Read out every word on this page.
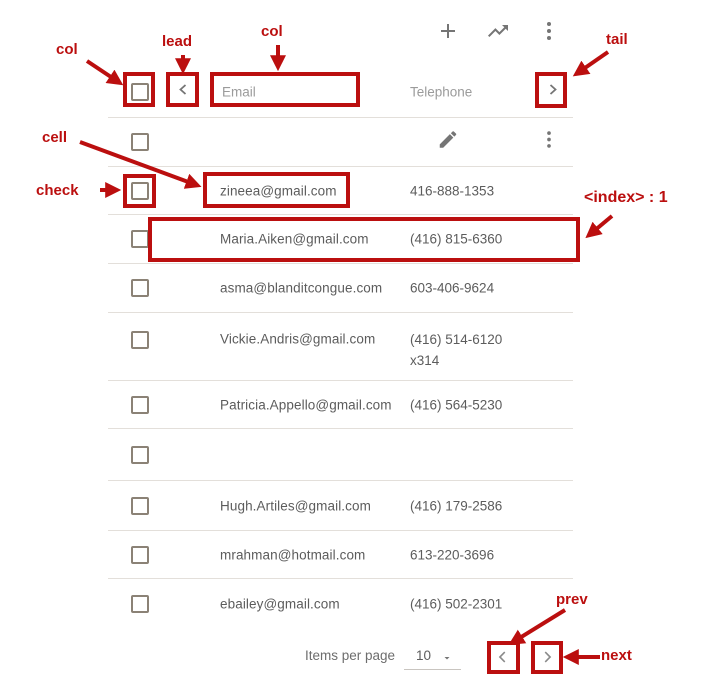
Email	Telephone
zineea@gmail.com	416-888-1353
Maria.Aiken@gmail.com	(416) 815-6360
asma@blanditcongue.com 603-406-9624
Vickie.Andris@gmail.com	(416) 514-6120
x314
Patricia.Appello@gmail.com (416) 564-5230
Hugh.Artiles@gmail.com	(416) 179-2586
mrahman@hotmail.com	613-220-3696
ebailey@gmail.com	(416) 502-2301
Items per page 10
col	lead
col	tail
cell
check	<index> : 1
prev
next
